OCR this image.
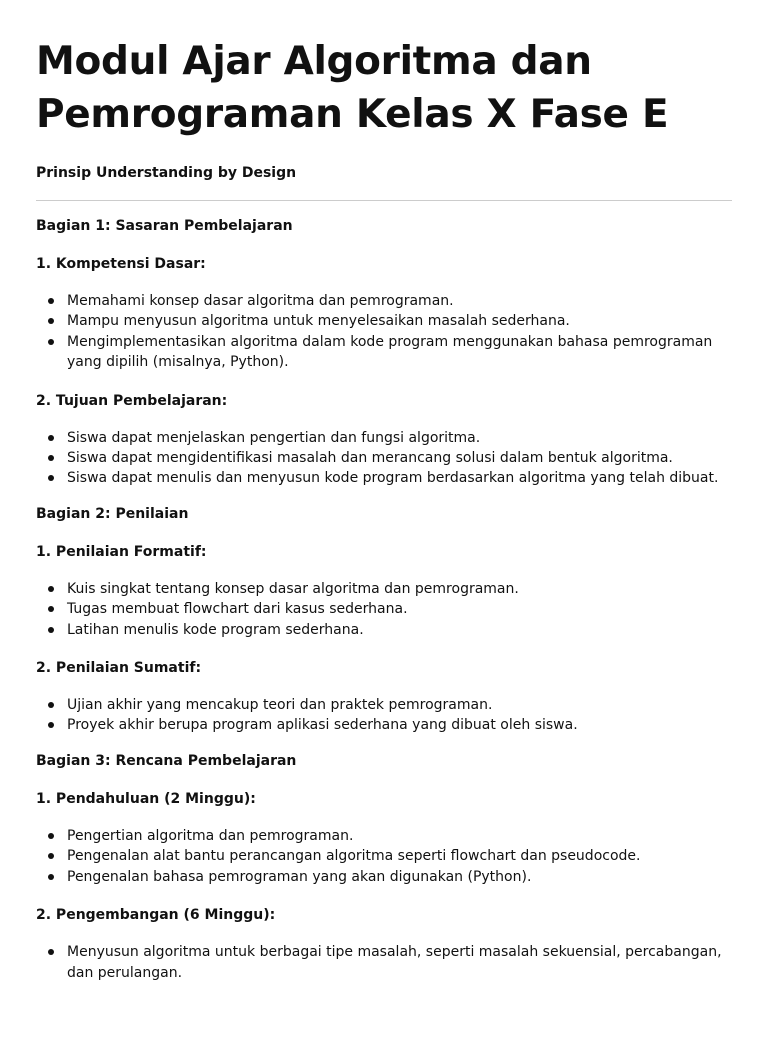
Modul Ajar Algoritma dan
Pemrograman Kelas X Fase E
Prinsip Understanding by Design
Bagian 1: Sasaran Pembelajaran
1. Kompetensi Dasar:
Memahami konsep dasar algoritma dan pemrograman.
Mampu menyusun algoritma untuk menyelesaikan masalah sederhana.
Mengimplementasikan algoritma dalam kode program menggunakan bahasa pemrograman yang dipilih (misalnya, Python).
2. Tujuan Pembelajaran:
Siswa dapat menjelaskan pengertian dan fungsi algoritma.
Siswa dapat mengidentifikasi masalah dan merancang solusi dalam bentuk algoritma.
Siswa dapat menulis dan menyusun kode program berdasarkan algoritma yang telah dibuat.
Bagian 2: Penilaian
1. Penilaian Formatif:
Kuis singkat tentang konsep dasar algoritma dan pemrograman.
Tugas membuat flowchart dari kasus sederhana.
Latihan menulis kode program sederhana.
2. Penilaian Sumatif:
Ujian akhir yang mencakup teori dan praktek pemrograman.
Proyek akhir berupa program aplikasi sederhana yang dibuat oleh siswa.
Bagian 3: Rencana Pembelajaran
1. Pendahuluan (2 Minggu):
Pengertian algoritma dan pemrograman.
Pengenalan alat bantu perancangan algoritma seperti flowchart dan pseudocode.
Pengenalan bahasa pemrograman yang akan digunakan (Python).
2. Pengembangan (6 Minggu):
Menyusun algoritma untuk berbagai tipe masalah, seperti masalah sekuensial, percabangan, dan perulangan.
